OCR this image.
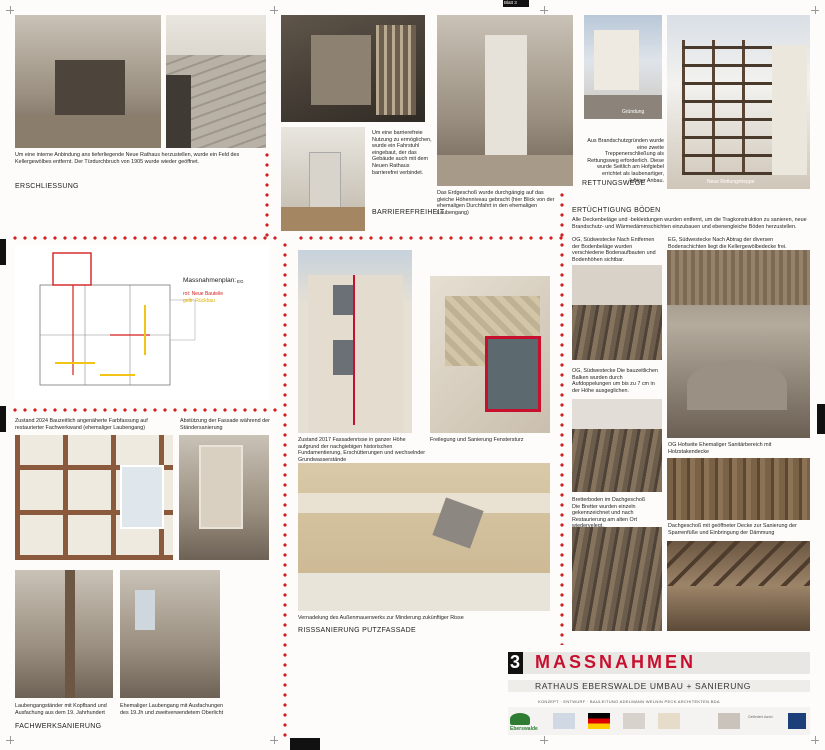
Blatt 3
Um eine interne Anbindung ans tieferliegende Neue Rathaus herzustellen, wurde ein Feld des Kellergewölbes entfernt. Der Türdurchbruch von 1905 wurde wieder geöffnet.
ERSCHLIESSUNG
Um eine barrierefreie Nutzung zu ermöglichen, wurde ein Fahrstuhl eingebaut, der das Gebäude auch mit dem Neuen Rathaus barrierefrei verbindet.
BARRIEREFREIHEIT
Das Erdgeschoß wurde durchgängig auf das gleiche Höhenniveau gebracht (hier Blick von der ehemaligen Durchfahrt in den ehemaligen Laubengang)
Gründung
Neue Rettungstreppe
Aus Brandschutzgründen wurde eine zweite Treppenerschließung als Rettungsweg erforderlich. Diese wurde Seitlich am Hofgiebel errichtet als laubenartiger, luftiger Anbau.
RETTUNGSWEGE
ERTÜCHTIGUNG BÖDEN
Alle Deckenbeläge und -bekleidungen wurden entfernt, um die Tragkonstruktion zu sanieren, neue Brandschutz- und Wärmedämmschichten einzubauen und ebenengleiche Böden herzustellen.
OG, Südwestecke Nach Entfernen der Bodenbeläge wurden verschiedene Bodenaufbauten und Bodenhöhen sichtbar.
EG, Südwestecke Nach Abtrag der diversen Bodenschichten liegt die Kellergewölbedecke frei.
OG, Südwestecke Die bauzeitlichen Balken wurden durch Aufdoppelungen um bis zu 7 cm in der Höhe ausgeglichen.
OG Hofseite Ehemaliger Sanitärbereich mit Holzstakendecke
Bretterboden im Dachgeschoß
Die Bretter wurden einzeln gekennzeichnet und nach Restaurierung am alten Ort
Dachgeschoß mit geöffneter Decke zur Sanierung der Sparrenfüße und Einbringung der Dämmung
Massnahmenplan: EG
rot: Neue Bauteile
gelb: Rückbau
Zustand 2024 Bauzeitlich angenäherte Farbfassung auf restaurierter Fachwerkwand (ehemaliger Laubengang)
Abstützung der Fassade während der Ständersanierung
Laubengangständer mit Kopfband und Ausfachung aus dem 19. Jahrhundert
Ehemaliger Laubengang mit Ausfachungen des 19.Jh und zweitverwendetem Oberlicht
FACHWERKSANIERUNG
Zustand 2017 Fassadenrisse in ganzer Höhe aufgrund der nachgiebigen historischen Fundamentierung, Erschütterungen und wechselnder Grundwasserstände
Freilegung und Sanierung Fenstersturz
Vernadelung des Außenmauerwerks zur Minderung zukünftiger Risse
RISSSANIERUNG PUTZFASSADE
3 MASSNAHMEN
RATHAUS EBERSWALDE UMBAU + SANIERUNG
KONZEPT · ENTWURF · BAULEITUNG ADELMANN WELNIN PECK ARCHITEKTEN BDA
Eberswalde
Gefördert durch
